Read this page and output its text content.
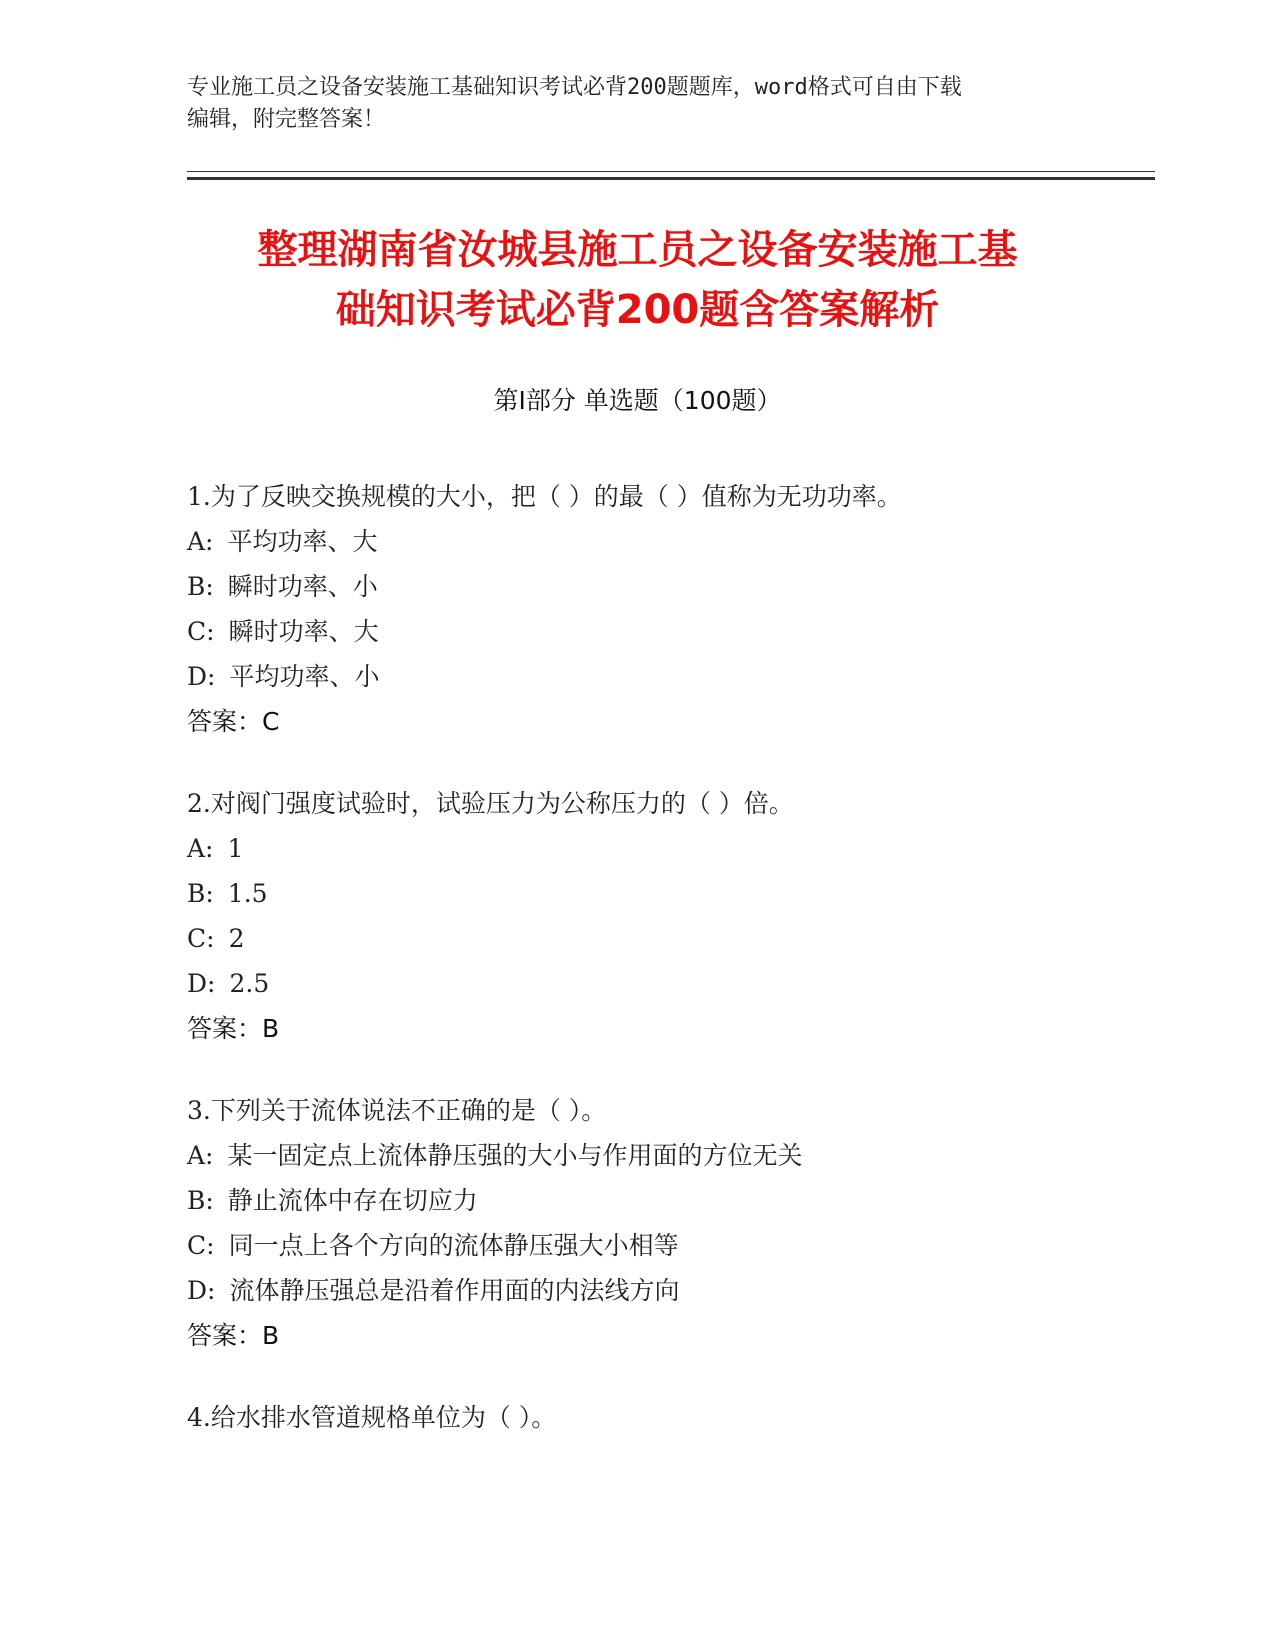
专业施工员之设备安装施工基础知识考试必背200题题库，word格式可自由下载
编辑，附完整答案！
整理湖南省汝城县施工员之设备安装施工基
础知识考试必背200题含答案解析
第Ⅰ部分 单选题（100题）
1.为了反映交换规模的大小，把（ ）的最（ ）值称为无功功率。
A: 平均功率、大
B: 瞬时功率、小
C: 瞬时功率、大
D: 平均功率、小
答案：C
2.对阀门强度试验时，试验压力为公称压力的（ ）倍。
A: 1
B: 1.5
C: 2
D: 2.5
答案：B
3.下列关于流体说法不正确的是（ ）。
A: 某一固定点上流体静压强的大小与作用面的方位无关
B: 静止流体中存在切应力
C: 同一点上各个方向的流体静压强大小相等
D: 流体静压强总是沿着作用面的内法线方向
答案：B
4.给水排水管道规格单位为（ ）。
